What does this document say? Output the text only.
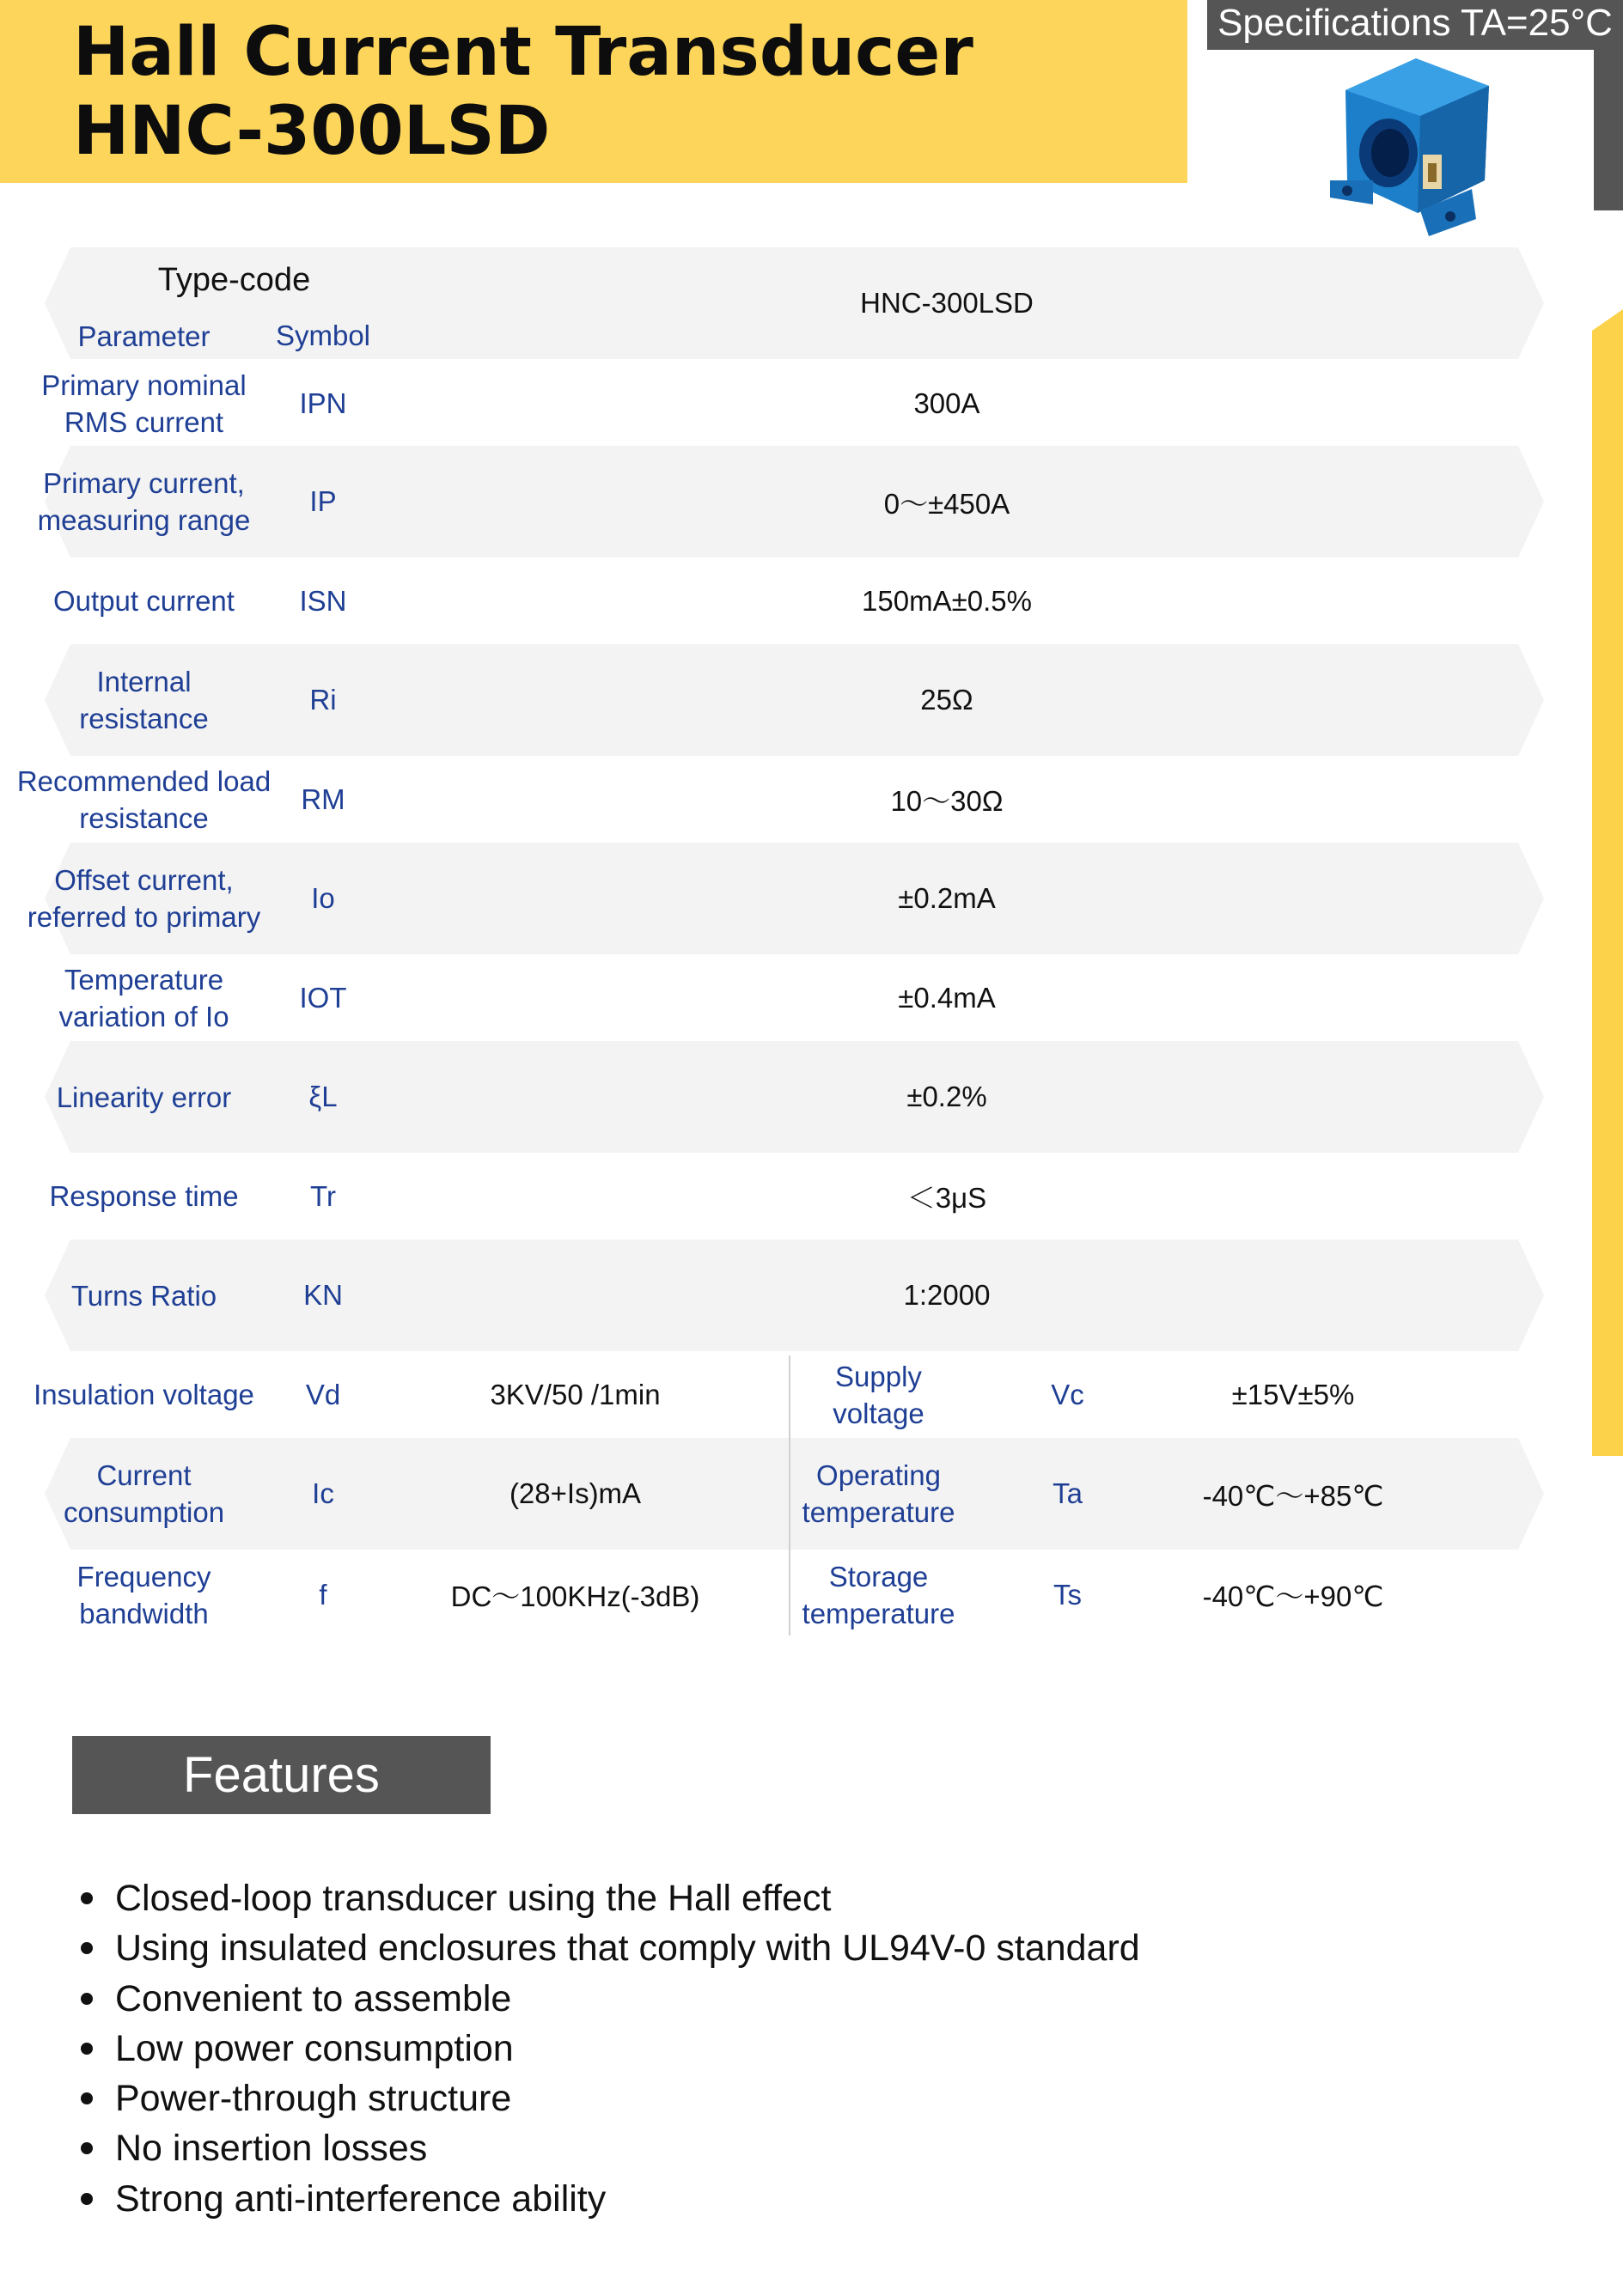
Hall Current Transducer
HNC-300LSD
Specifications TA=25°C
Type-code
Parameter	Symbol
HNC-300LSD
Primary nominal
RMS current
IPN	300A
Primary current,
measuring range
IP	0～±450A
Output current	ISN	150mA±0.5%
Internal
resistance
Ri	25Ω
Recommended load
resistance
RM	10～30Ω
Offset current,
referred to primary
Io	±0.2mA
Temperature
variation of Io
IOT	±0.4mA
Linearity error	ξL	±0.2%
Response time	Tr	＜3μS
Turns Ratio	KN	1:2000
Insulation voltage	Vd	3KV/50 /1min
Supply
voltage
Vc	±15V±5%
Current
consumption
Ic	(28+Is)mA
Operating
temperature
Ta	-40℃～+85℃
Frequency
bandwidth
f	DC～100KHz(-3dB)
Storage
temperature
Ts	-40℃～+90℃
Features
Closed-loop transducer using the Hall effect
Using insulated enclosures that comply with UL94V-0 standard
Convenient to assemble
Low power consumption
Power-through structure
No insertion losses
Strong anti-interference ability
